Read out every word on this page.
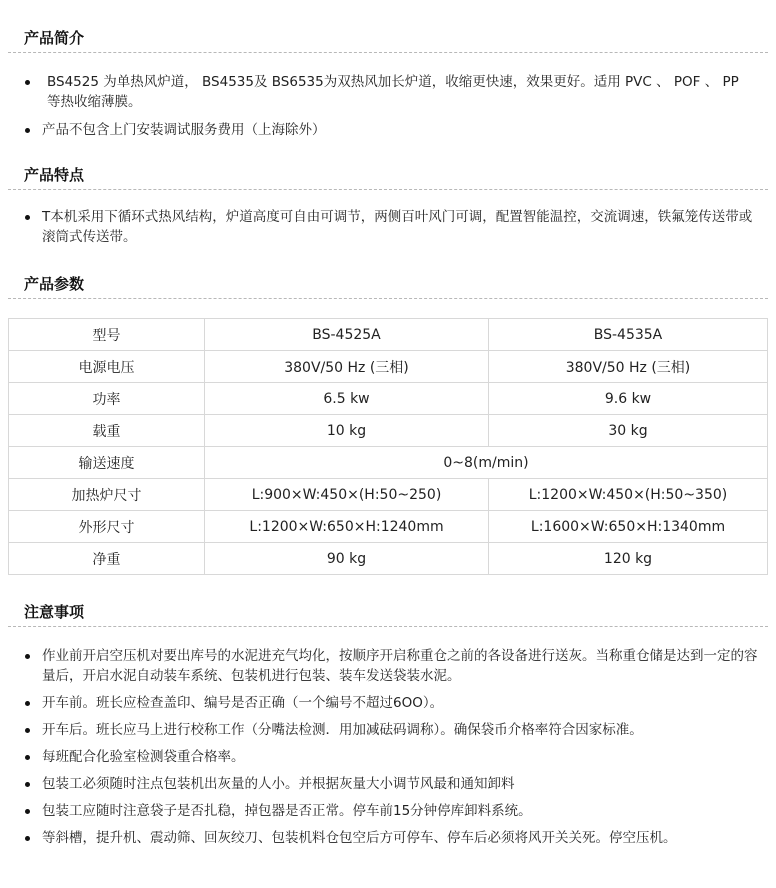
产品简介
BS4525 为单热风炉道， BS4535及 BS6535为双热风加长炉道，收缩更快速，效果更好。适用 PVC 、 POF 、 PP 等热收缩薄膜。
产品不包含上门安装调试服务费用（上海除外）
产品特点
T本机采用下循环式热风结构，炉道高度可自由可调节，两侧百叶风门可调，配置智能温控，交流调速，铁氟笼传送带或滚筒式传送带。
产品参数
型号	BS-4525A	BS-4535A
电源电压	380V/50 Hz (三相)	380V/50 Hz (三相)
功率	6.5 kw	9.6 kw
载重	10 kg	30 kg
输送速度	0~8(m/min)	
加热炉尺寸	L:900×W:450×(H:50~250)	L:1200×W:450×(H:50~350)
外形尺寸	L:1200×W:650×H:1240mm	L:1600×W:650×H:1340mm
净重	90 kg	120 kg
注意事项
作业前开启空压机对要出库号的水泥进充气均化，按顺序开启称重仓之前的各设备进行送灰。当称重仓储是达到一定的容量后，开启水泥自动装车系统、包装机进行包装、装车发送袋装水泥。
开车前。班长应检查盖印、编号是否正确（一个编号不超过6OO）。
开车后。班长应马上进行校称工作（分嘴法检测．用加减砝码调称）。确保袋币介格率符合因家标准。
每班配合化验室检测袋重合格率。
包装工必须随时注点包装机出灰量的人小。并根据灰量大小调节风最和通知卸料
包装工应随时注意袋子是否扎稳，掉包器是否正常。停车前15分钟停库卸料系统。
等斜槽，提升机、震动筛、回灰绞刀、包装机料仓包空后方可停车、停车后必须将风开关关死。停空压机。
